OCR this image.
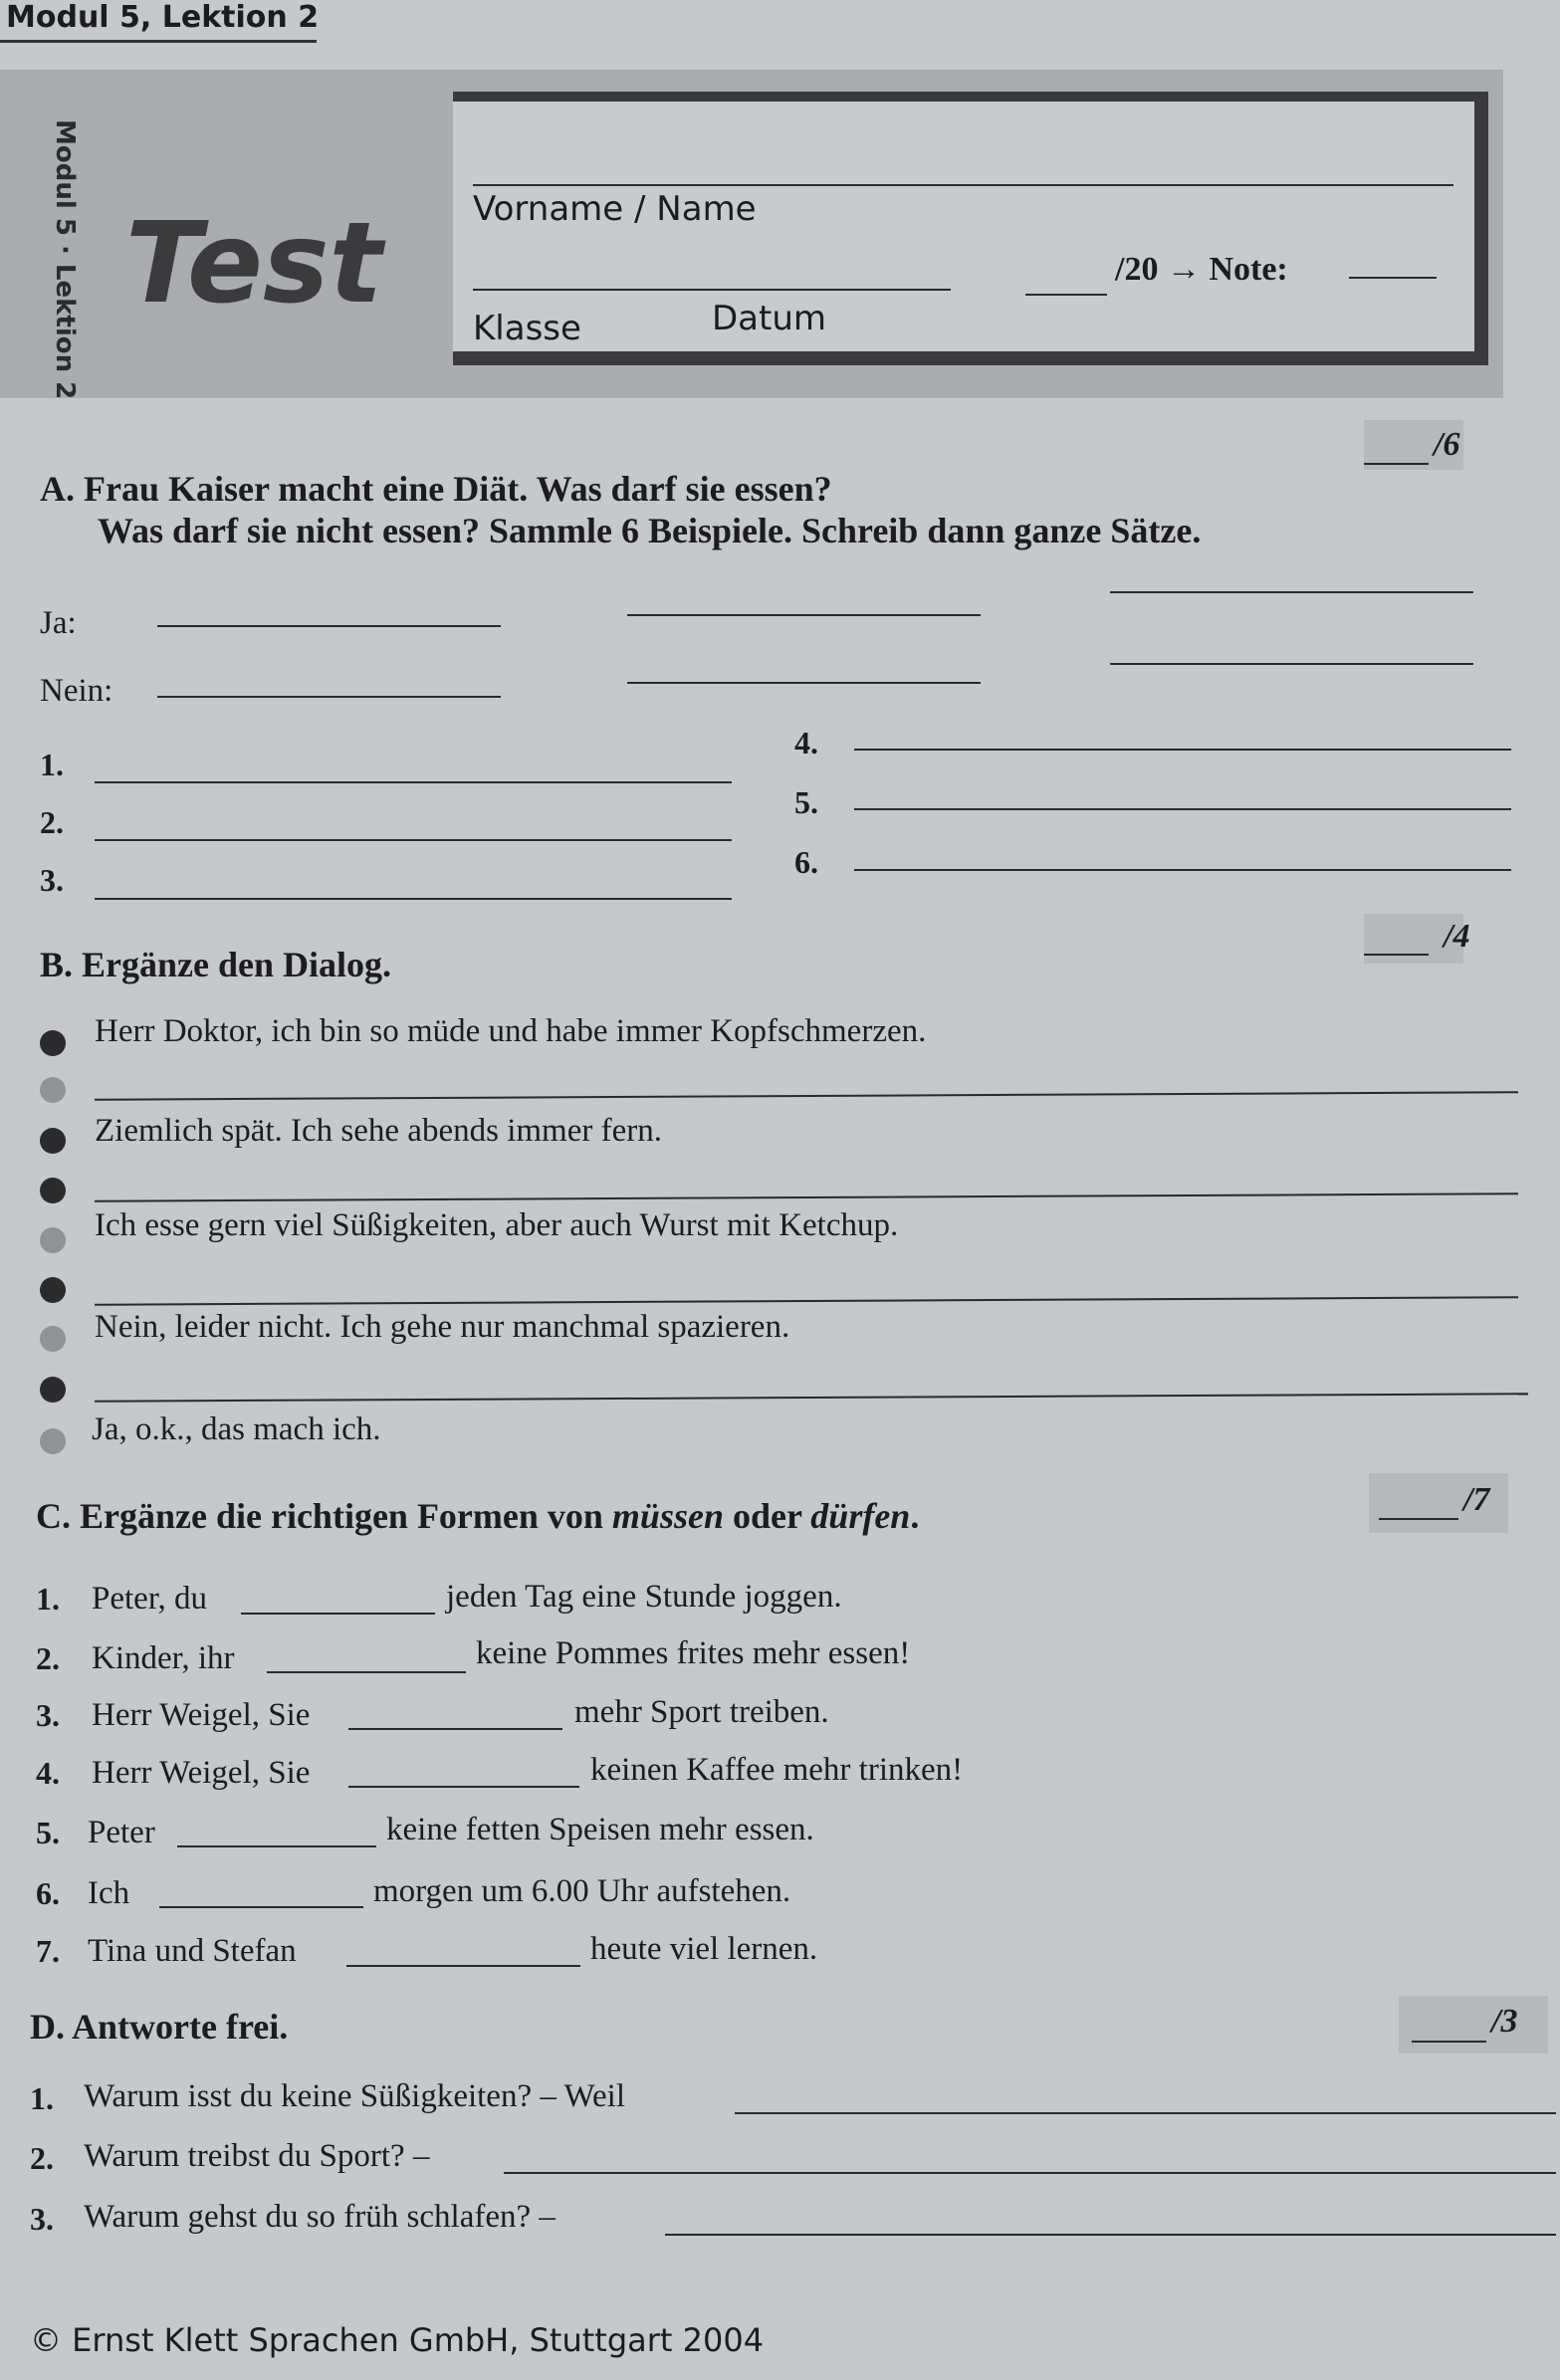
Modul 5, Lektion 2
Modul 5 · Lektion 2 Test	Vorname / Name
Klasse	Datum
/20 → Note:
/6
A. Frau Kaiser macht eine Diät. Was darf sie essen?
Was darf sie nicht essen? Sammle 6 Beispiele. Schreib dann ganze Sätze.
Ja:
Nein:
1.
2.
3.
4.
5.
6.
/4
B. Ergänze den Dialog.
Herr Doktor, ich bin so müde und habe immer Kopfschmerzen.
Ziemlich spät. Ich sehe abends immer fern.
Ich esse gern viel Süßigkeiten, aber auch Wurst mit Ketchup.
Nein, leider nicht. Ich gehe nur manchmal spazieren.
Ja, o.k., das mach ich.
/7
C. Ergänze die richtigen Formen von müssen oder dürfen.
1. Peter, du	jeden Tag eine Stunde joggen.
2. Kinder, ihr	keine Pommes frites mehr essen!
3. Herr Weigel, Sie	mehr Sport treiben.
4. Herr Weigel, Sie	keinen Kaffee mehr trinken!
5. Peter	keine fetten Speisen mehr essen.
6. Ich	morgen um 6.00 Uhr aufstehen.
7. Tina und Stefan	heute viel lernen.
/3
D. Antworte frei.
1. Warum isst du keine Süßigkeiten? – Weil
2. Warum treibst du Sport? –
3. Warum gehst du so früh schlafen? –
© Ernst Klett Sprachen GmbH, Stuttgart 2004
